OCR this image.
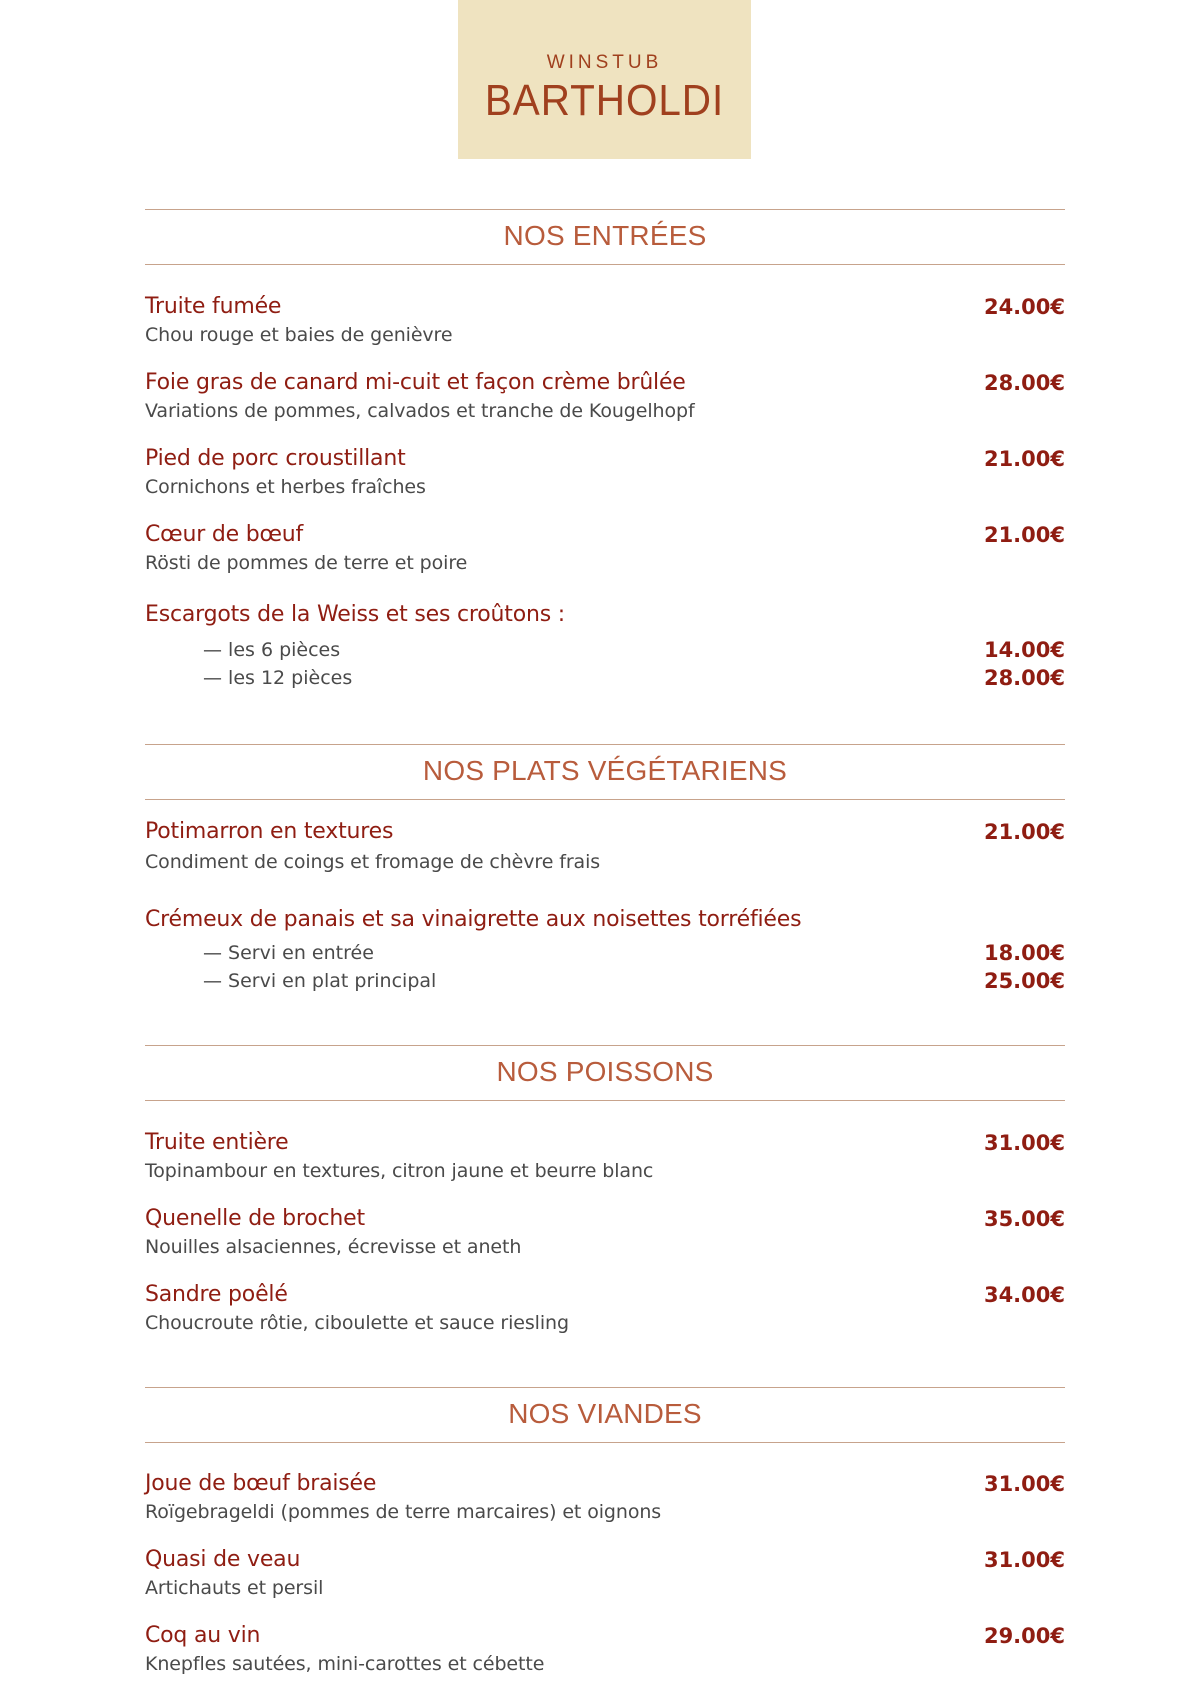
WINSTUB
BARTHOLDI
NOS ENTRÉES
Truite fumée
Chou rouge et baies de genièvre
24.00€
Foie gras de canard mi-cuit et façon crème brûlée
Variations de pommes, calvados et tranche de Kougelhopf
28.00€
Pied de porc croustillant
Cornichons et herbes fraîches
21.00€
Cœur de bœuf
Rösti de pommes de terre et poire
21.00€
Escargots de la Weiss et ses croûtons :
— les 6 pièces	14.00€
— les 12 pièces	28.00€
NOS PLATS VÉGÉTARIENS
Potimarron en textures
Condiment de coings et fromage de chèvre frais
21.00€
Crémeux de panais et sa vinaigrette aux noisettes torréfiées
— Servi en entrée	18.00€
— Servi en plat principal	25.00€
NOS POISSONS
Truite entière
Topinambour en textures, citron jaune et beurre blanc
31.00€
Quenelle de brochet
Nouilles alsaciennes, écrevisse et aneth
35.00€
Sandre poêlé
Choucroute rôtie, ciboulette et sauce riesling
34.00€
NOS VIANDES
Joue de bœuf braisée
Roïgebrageldi (pommes de terre marcaires) et oignons
31.00€
Quasi de veau
Artichauts et persil
31.00€
Coq au vin
Knepfles sautées, mini-carottes et cébette
29.00€
